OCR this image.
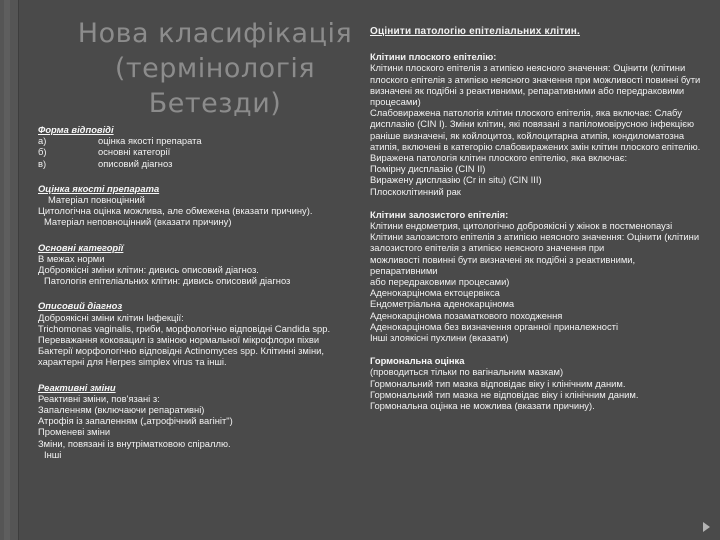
Нова класифікація
(термінологія
Бетезди)
Форма відповіді
а)	оцінка якості препарата
б)	основні категорії
в)	описовий діагноз
Оцінка якості препарата
Матеріал повноцінний
Цитологічна оцінка можлива, але обмежена (вказати причину).
Матеріал неповноцінний (вказати причину)
Основні категорії
В межах норми
Доброякісні зміни клітин: дивись описовий діагноз.
Патологія епітеліальних клітин: дивись описовий діагноз
Описовий діагноз
Доброякісні зміни клітин Інфекції:
Trichomonas vaginalis, гриби, морфологічно відповідні Candida spp. Переважання коковацил із зміною нормальної мікрофлори піхви Бактерії морфологічно відповідні Actinomyces spp. Клітинні зміни, характерні для Herpes simplex virus та інші.
Реактивні зміни
Реактивні зміни, пов'язані з:
Запаленням (включаючи репаративні)
Атрофія із запаленням („атрофічний вагініт")
Променеві зміни
Зміни, повязані із внутріматковою спіраллю.
Інші
Оцінити патологію епітеліальних клітин.
Клітини плоского епітелію:
Клітини плоского епітелія з атипією неясного значення: Оцінити (клітини плоского епітелія з атипією неясного значення при можливості повинні бути визначені як подібні з реактивними, репаративними або передраковими процесами)
Слабовиражена патологія клітин плоского епітелія, яка включає: Слабу дисплазію (CIN I). Зміни клітин, які повязані з папіломовірусною інфекцією раніше визначені, як койлоцитоз, койлоцитарна атипія, кондиломатозна атипія, включені в категорію слабовиражених змін клітин плоского епітелію.
Виражена патологія клітин плоского епітелію, яка включає:
Помірну дисплазію (CIN II)
Виражену дисплазію (Cr in situ) (CIN III)
Плоскоклітинний рак
Клітини залозистого епітелія:
Клітини ендометрия, цитологічно доброякісні у жінок в постменопаузі
Клітини залозистого епітелія з атипією неясного значення: Оцінити (клітини залозистого епітелія з атипією неясного значення при
можливості повинні бути визначені як подібні з реактивними, репаративними
або передраковими процесами)
Аденокарцінома ектоцервікса
Ендометріальна аденокарцінома
Аденокарцінома позаматкового походження
Аденокарцінома без визначення органної приналежності
Інші злоякісні пухлини (вказати)
Гормональна оцінка
(проводиться тільки по вагінальним мазкам)
Гормональний тип мазка відповідає віку і клінічним даним.
Гормональний тип мазка не відповідає віку і клінічним даним.
Гормональна оцінка не можлива (вказати причину).
